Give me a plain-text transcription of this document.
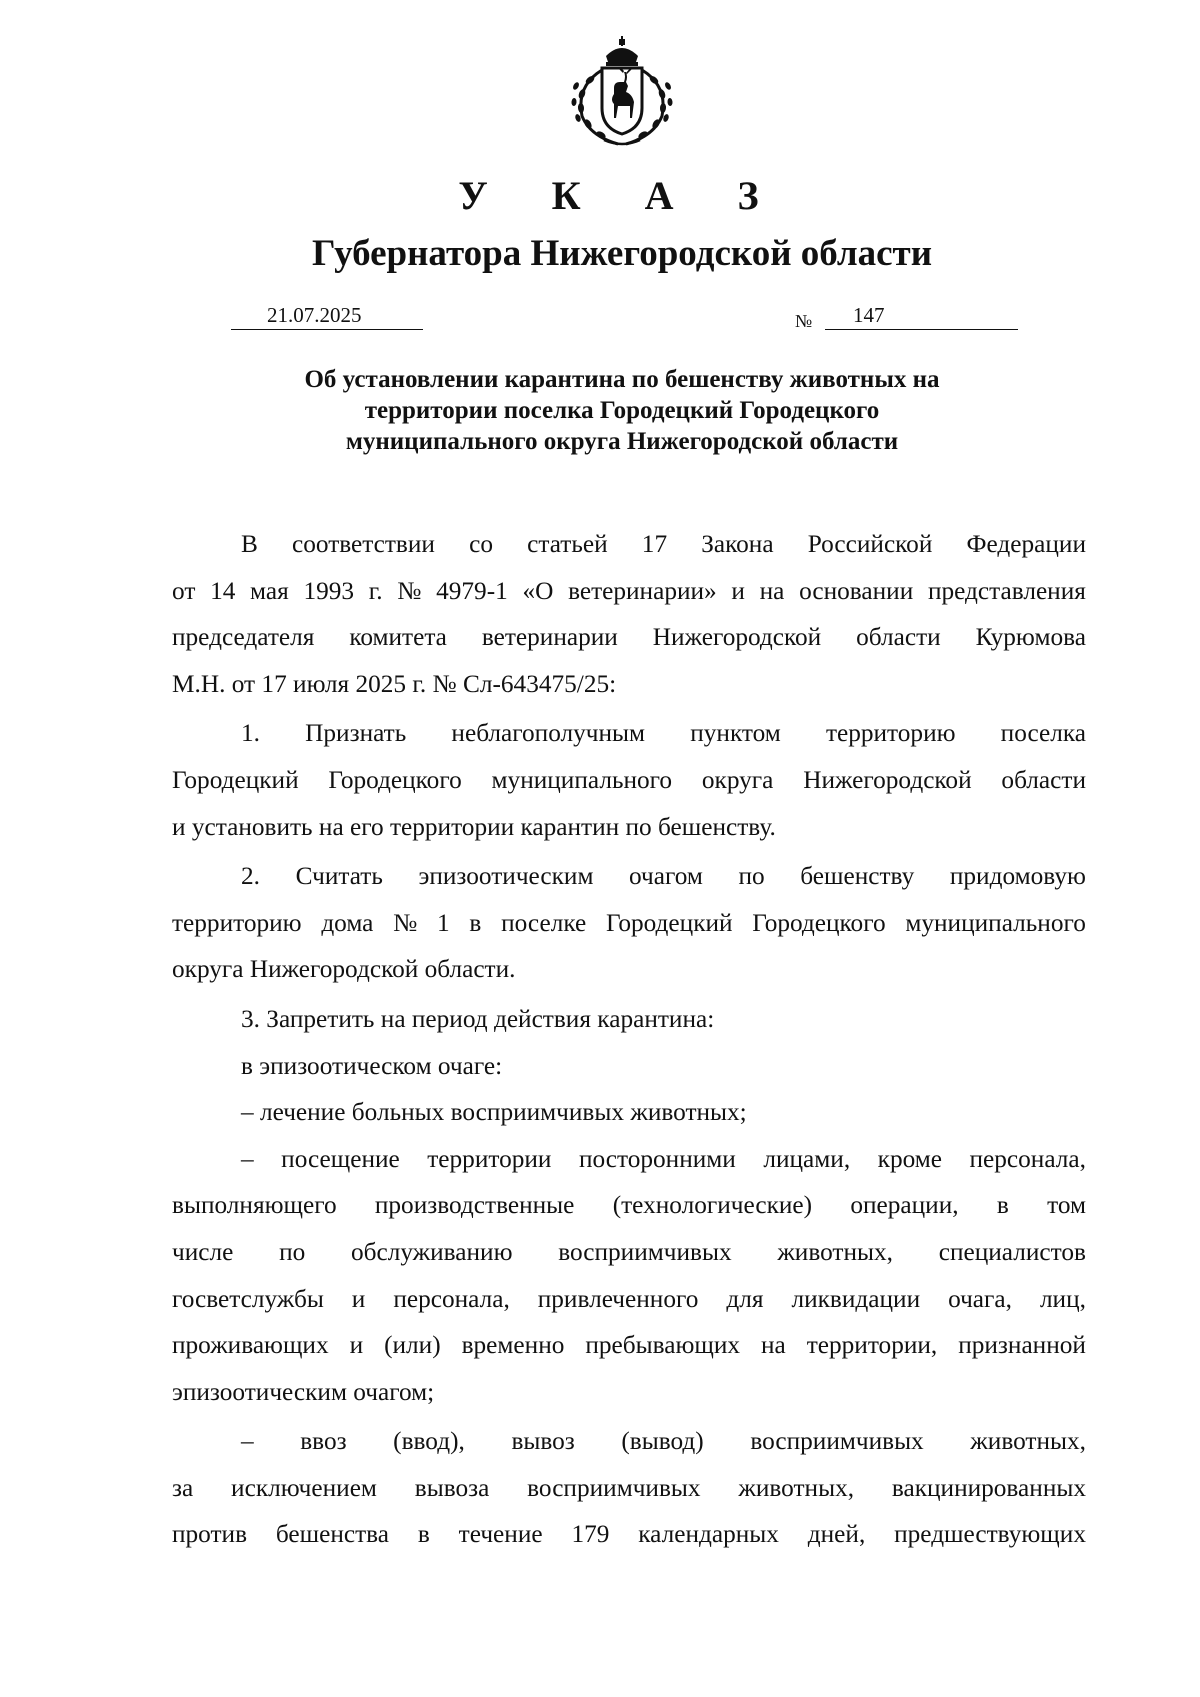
У К А З
Губернатора Нижегородской области
21.07.2025	№ 147
Об установлении карантина по бешенству животных на
территории поселка Городецкий Городецкого
муниципального округа Нижегородской области
В соответствии со статьей 17 Закона Российской Федерации
от 14 мая 1993 г. № 4979-1 «О ветеринарии» и на основании представления
председателя комитета ветеринарии Нижегородской области Курюмова
М.Н. от 17 июля 2025 г. № Сл-643475/25:
1. Признать неблагополучным пунктом территорию поселка
Городецкий Городецкого муниципального округа Нижегородской области
и установить на его территории карантин по бешенству.
2. Считать эпизоотическим очагом по бешенству придомовую
территорию дома № 1 в поселке Городецкий Городецкого муниципального
округа Нижегородской области.
3. Запретить на период действия карантина:
в эпизоотическом очаге:
– лечение больных восприимчивых животных;
– посещение территории посторонними лицами, кроме персонала,
выполняющего производственные (технологические) операции, в том
числе по обслуживанию восприимчивых животных, специалистов
госветслужбы и персонала, привлеченного для ликвидации очага, лиц,
проживающих и (или) временно пребывающих на территории, признанной
эпизоотическим очагом;
– ввоз (ввод), вывоз (вывод) восприимчивых животных,
за исключением вывоза восприимчивых животных, вакцинированных
против бешенства в течение 179 календарных дней, предшествующих
